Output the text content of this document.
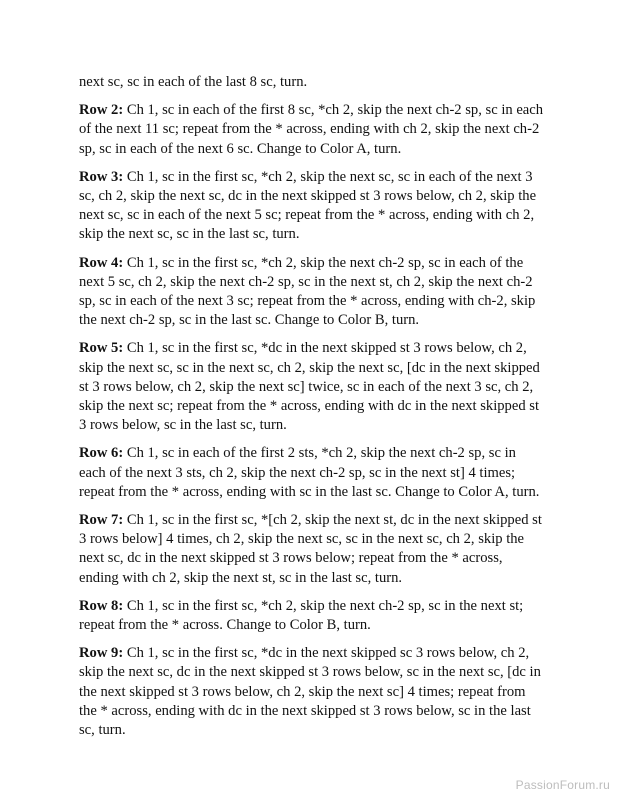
next sc, sc in each of the last 8 sc, turn.

Row 2: Ch 1, sc in each of the first 8 sc, *ch 2, skip the next ch-2 sp, sc in each of the next 11 sc; repeat from the * across, ending with ch 2, skip the next ch-2 sp, sc in each of the next 6 sc. Change to Color A, turn.

Row 3: Ch 1, sc in the first sc, *ch 2, skip the next sc, sc in each of the next 3 sc, ch 2, skip the next sc, dc in the next skipped st 3 rows below, ch 2, skip the next sc, sc in each of the next 5 sc; repeat from the * across, ending with ch 2, skip the next sc, sc in the last sc, turn.

Row 4: Ch 1, sc in the first sc, *ch 2, skip the next ch-2 sp, sc in each of the next 5 sc, ch 2, skip the next ch-2 sp, sc in the next st, ch 2, skip the next ch-2 sp, sc in each of the next 3 sc; repeat from the * across, ending with ch-2, skip the next ch-2 sp, sc in the last sc. Change to Color B, turn.

Row 5: Ch 1, sc in the first sc, *dc in the next skipped st 3 rows below, ch 2, skip the next sc, sc in the next sc, ch 2, skip the next sc, [dc in the next skipped st 3 rows below, ch 2, skip the next sc] twice, sc in each of the next 3 sc, ch 2, skip the next sc; repeat from the * across, ending with dc in the next skipped st 3 rows below, sc in the last sc, turn.

Row 6: Ch 1, sc in each of the first 2 sts, *ch 2, skip the next ch-2 sp, sc in each of the next 3 sts, ch 2, skip the next ch-2 sp, sc in the next st] 4 times; repeat from the * across, ending with sc in the last sc. Change to Color A, turn.

Row 7: Ch 1, sc in the first sc, *[ch 2, skip the next st, dc in the next skipped st 3 rows below] 4 times, ch 2, skip the next sc, sc in the next sc, ch 2, skip the next sc, dc in the next skipped st 3 rows below; repeat from the * across, ending with ch 2, skip the next st, sc in the last sc, turn.

Row 8: Ch 1, sc in the first sc, *ch 2, skip the next ch-2 sp, sc in the next st; repeat from the * across. Change to Color B, turn.

Row 9: Ch 1, sc in the first sc, *dc in the next skipped sc 3 rows below, ch 2, skip the next sc, dc in the next skipped st 3 rows below, sc in the next sc, [dc in the next skipped st 3 rows below, ch 2, skip the next sc] 4 times; repeat from the * across, ending with dc in the next skipped st 3 rows below, sc in the last sc, turn.

PassionForum.ru
